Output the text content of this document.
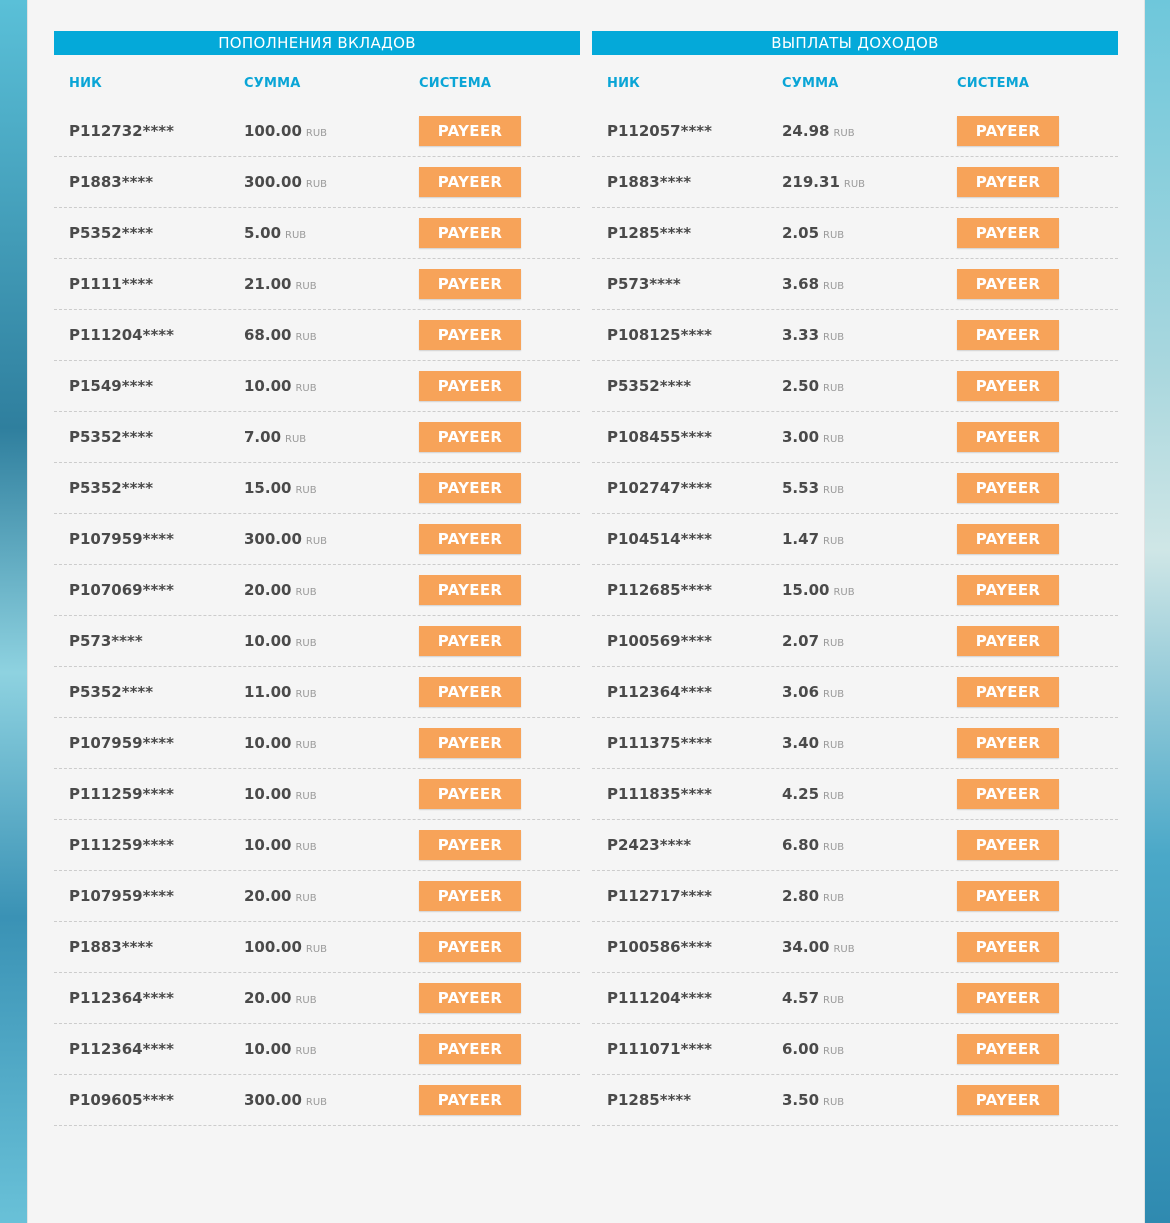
ПОПОЛНЕНИЯ ВКЛАДОВ
НИК	СУММА	СИСТЕМА
P112732****	100.00 RUB	PAYEER
P1883****	300.00 RUB	PAYEER
P5352****	5.00 RUB	PAYEER
P1111****	21.00 RUB	PAYEER
P111204****	68.00 RUB	PAYEER
P1549****	10.00 RUB	PAYEER
P5352****	7.00 RUB	PAYEER
P5352****	15.00 RUB	PAYEER
P107959****	300.00 RUB	PAYEER
P107069****	20.00 RUB	PAYEER
P573****	10.00 RUB	PAYEER
P5352****	11.00 RUB	PAYEER
P107959****	10.00 RUB	PAYEER
P111259****	10.00 RUB	PAYEER
P111259****	10.00 RUB	PAYEER
P107959****	20.00 RUB	PAYEER
P1883****	100.00 RUB	PAYEER
P112364****	20.00 RUB	PAYEER
P112364****	10.00 RUB	PAYEER
P109605****	300.00 RUB	PAYEER
ВЫПЛАТЫ ДОХОДОВ
НИК	СУММА	СИСТЕМА
P112057****	24.98 RUB	PAYEER
P1883****	219.31 RUB	PAYEER
P1285****	2.05 RUB	PAYEER
P573****	3.68 RUB	PAYEER
P108125****	3.33 RUB	PAYEER
P5352****	2.50 RUB	PAYEER
P108455****	3.00 RUB	PAYEER
P102747****	5.53 RUB	PAYEER
P104514****	1.47 RUB	PAYEER
P112685****	15.00 RUB	PAYEER
P100569****	2.07 RUB	PAYEER
P112364****	3.06 RUB	PAYEER
P111375****	3.40 RUB	PAYEER
P111835****	4.25 RUB	PAYEER
P2423****	6.80 RUB	PAYEER
P112717****	2.80 RUB	PAYEER
P100586****	34.00 RUB	PAYEER
P111204****	4.57 RUB	PAYEER
P111071****	6.00 RUB	PAYEER
P1285****	3.50 RUB	PAYEER
